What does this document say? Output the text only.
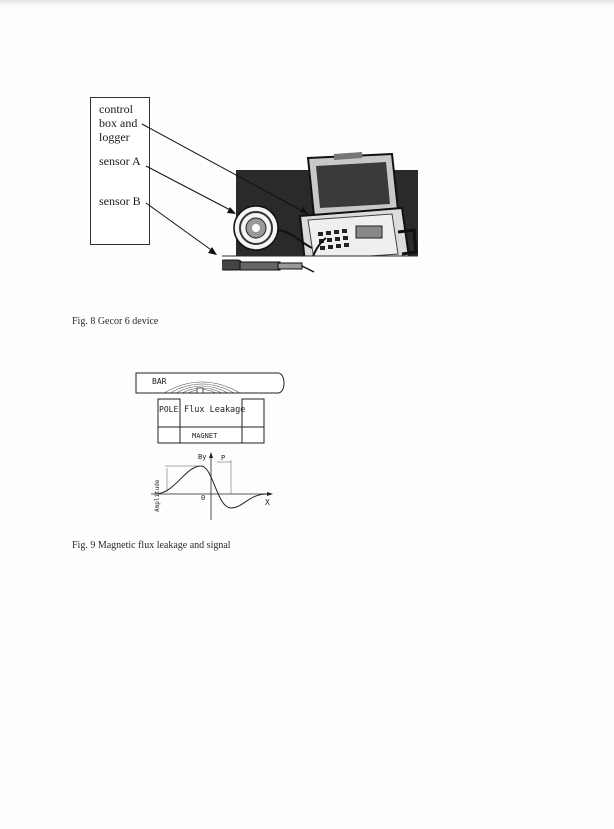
control box and logger
sensor A
sensor B
Fig. 8 Gecor 6 device
BAR
POLE Flux Leakage
MAGNET
By P
0	X
Amplitude
Fig. 9 Magnetic flux leakage and signal
